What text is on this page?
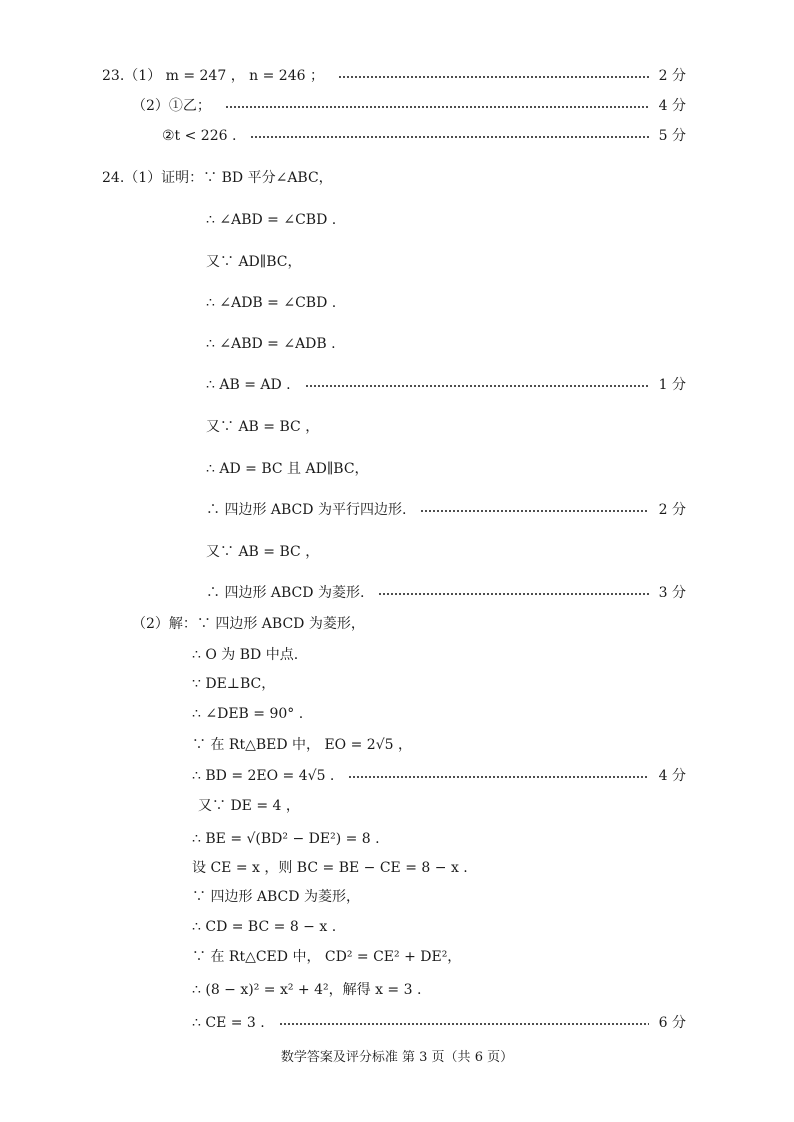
23.（1） m = 247 ， n = 246 ；	2 分
（2）①乙；	4 分
②t < 226 .	5 分
24.（1）证明：∵ BD 平分∠ABC，
∴ ∠ABD = ∠CBD .
又∵ AD∥BC，
∴ ∠ADB = ∠CBD .
∴ ∠ABD = ∠ADB .
∴ AB = AD .	1 分
又∵ AB = BC ，
∴ AD = BC 且 AD∥BC，
∴ 四边形 ABCD 为平行四边形.	2 分
又∵ AB = BC ，
∴ 四边形 ABCD 为菱形.	3 分
（2）解：∵ 四边形 ABCD 为菱形，
∴ O 为 BD 中点.
∵ DE⊥BC，
∴ ∠DEB = 90° .
∵ 在 Rt△BED 中， EO = 2√5 ，
∴ BD = 2EO = 4√5 .	4 分
又∵ DE = 4 ，
∴ BE = √(BD² − DE²) = 8 .
设 CE = x ，则 BC = BE − CE = 8 − x .
∵ 四边形 ABCD 为菱形，
∴ CD = BC = 8 − x .
∵ 在 Rt△CED 中， CD² = CE² + DE²，
∴ (8 − x)² = x² + 4²，解得 x = 3 .
∴ CE = 3 .	6 分
数学答案及评分标准 第 3 页（共 6 页）
